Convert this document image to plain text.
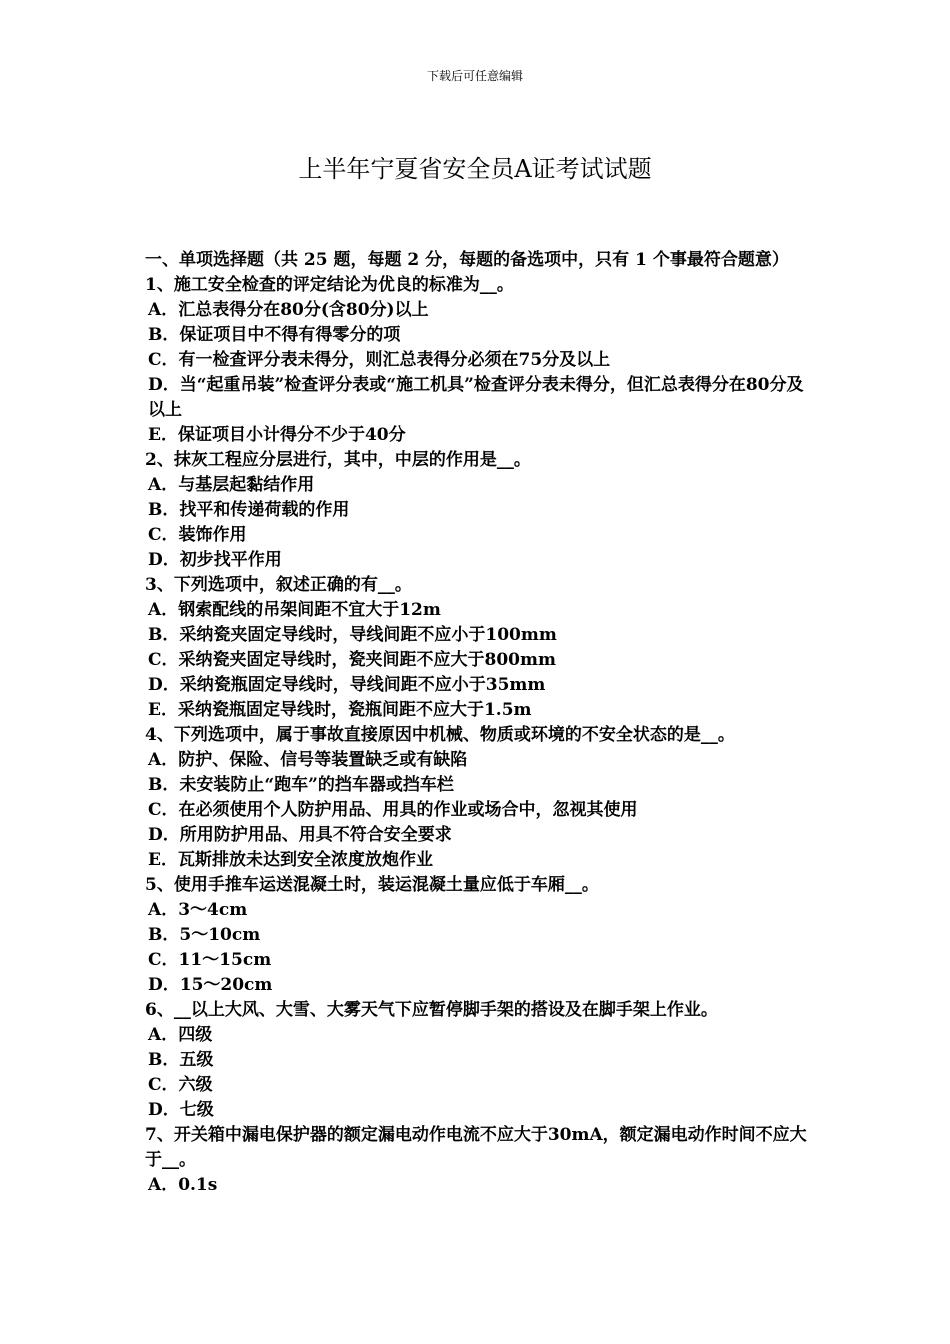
下载后可任意编辑
上半年宁夏省安全员A证考试试题
一、单项选择题（共 25 题，每题 2 分，每题的备选项中，只有 1 个事最符合题意）
1、施工安全检查的评定结论为优良的标准为__。
A．汇总表得分在80分(含80分)以上
B．保证项目中不得有得零分的项
C．有一检查评分表未得分，则汇总表得分必须在75分及以上
D．当“起重吊装”检查评分表或“施工机具”检查评分表未得分，但汇总表得分在80分及以上
E．保证项目小计得分不少于40分
2、抹灰工程应分层进行，其中，中层的作用是__。
A．与基层起黏结作用
B．找平和传递荷载的作用
C．装饰作用
D．初步找平作用
3、下列选项中，叙述正确的有__。
A．钢索配线的吊架间距不宜大于12m
B．采纳瓷夹固定导线时，导线间距不应小于100mm
C．采纳瓷夹固定导线时，瓷夹间距不应大于800mm
D．采纳瓷瓶固定导线时，导线间距不应小于35mm
E．采纳瓷瓶固定导线时，瓷瓶间距不应大于1.5m
4、下列选项中，属于事故直接原因中机械、物质或环境的不安全状态的是__。
A．防护、保险、信号等装置缺乏或有缺陷
B．未安装防止“跑车”的挡车器或挡车栏
C．在必须使用个人防护用品、用具的作业或场合中，忽视其使用
D．所用防护用品、用具不符合安全要求
E．瓦斯排放未达到安全浓度放炮作业
5、使用手推车运送混凝土时，装运混凝土量应低于车厢__。
A．3～4cm
B．5～10cm
C．11～15cm
D．15～20cm
6、__以上大风、大雪、大雾天气下应暂停脚手架的搭设及在脚手架上作业。
A．四级
B．五级
C．六级
D．七级
7、开关箱中漏电保护器的额定漏电动作电流不应大于30mA，额定漏电动作时间不应大于__。
A．0.1s
